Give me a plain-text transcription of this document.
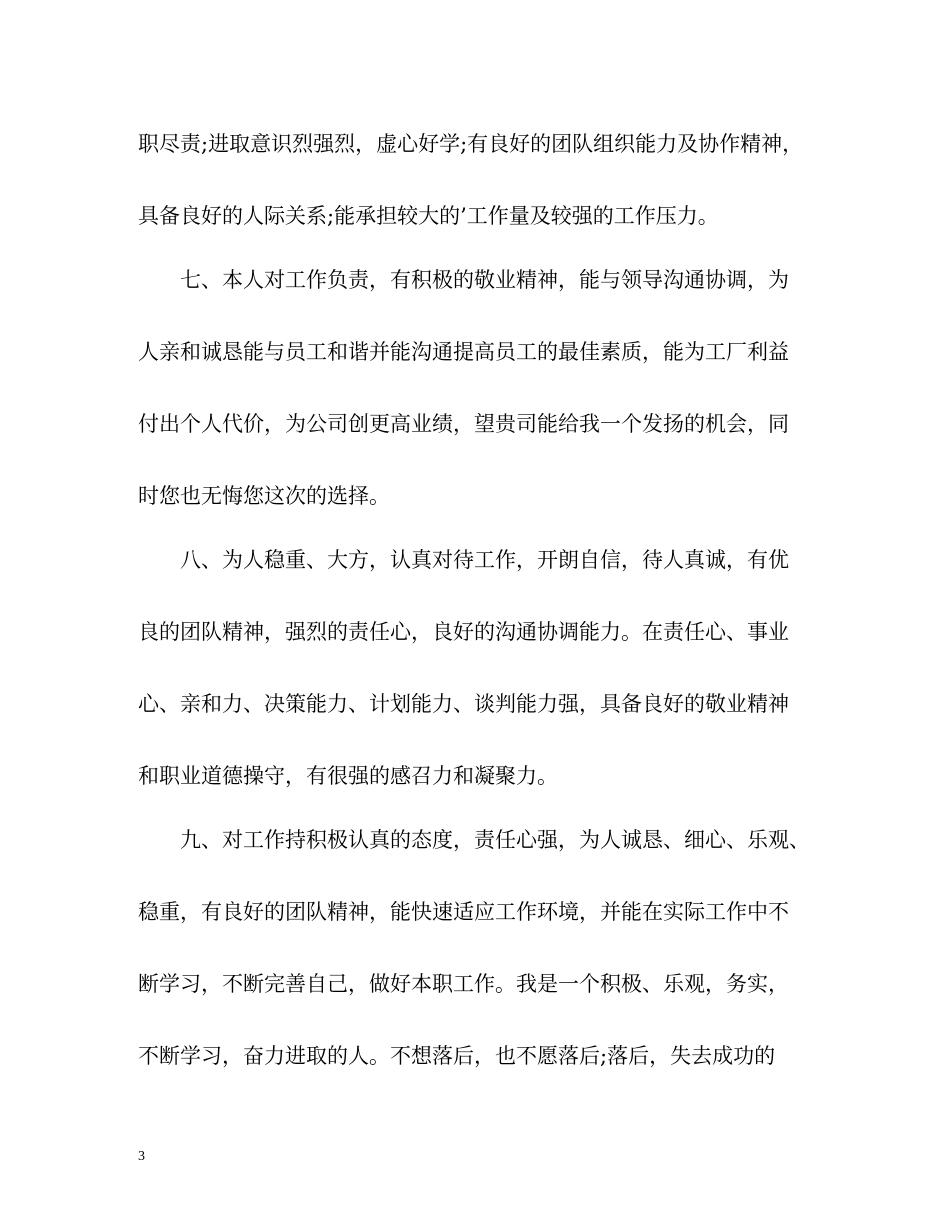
职尽责;进取意识烈强烈，虚心好学;有良好的团队组织能力及协作精神，
具备良好的人际关系;能承担较大的’工作量及较强的工作压力。
七、本人对工作负责，有积极的敬业精神，能与领导沟通协调，为
人亲和诚恳能与员工和谐并能沟通提高员工的最佳素质，能为工厂利益
付出个人代价，为公司创更高业绩，望贵司能给我一个发扬的机会，同
时您也无悔您这次的选择。
八、为人稳重、大方，认真对待工作，开朗自信，待人真诚，有优
良的团队精神，强烈的责任心，良好的沟通协调能力。在责任心、事业
心、亲和力、决策能力、计划能力、谈判能力强，具备良好的敬业精神
和职业道德操守，有很强的感召力和凝聚力。
九、对工作持积极认真的态度，责任心强，为人诚恳、细心、乐观、
稳重，有良好的团队精神，能快速适应工作环境，并能在实际工作中不
断学习，不断完善自己，做好本职工作。我是一个积极、乐观，务实，
不断学习，奋力进取的人。不想落后，也不愿落后;落后，失去成功的
3
